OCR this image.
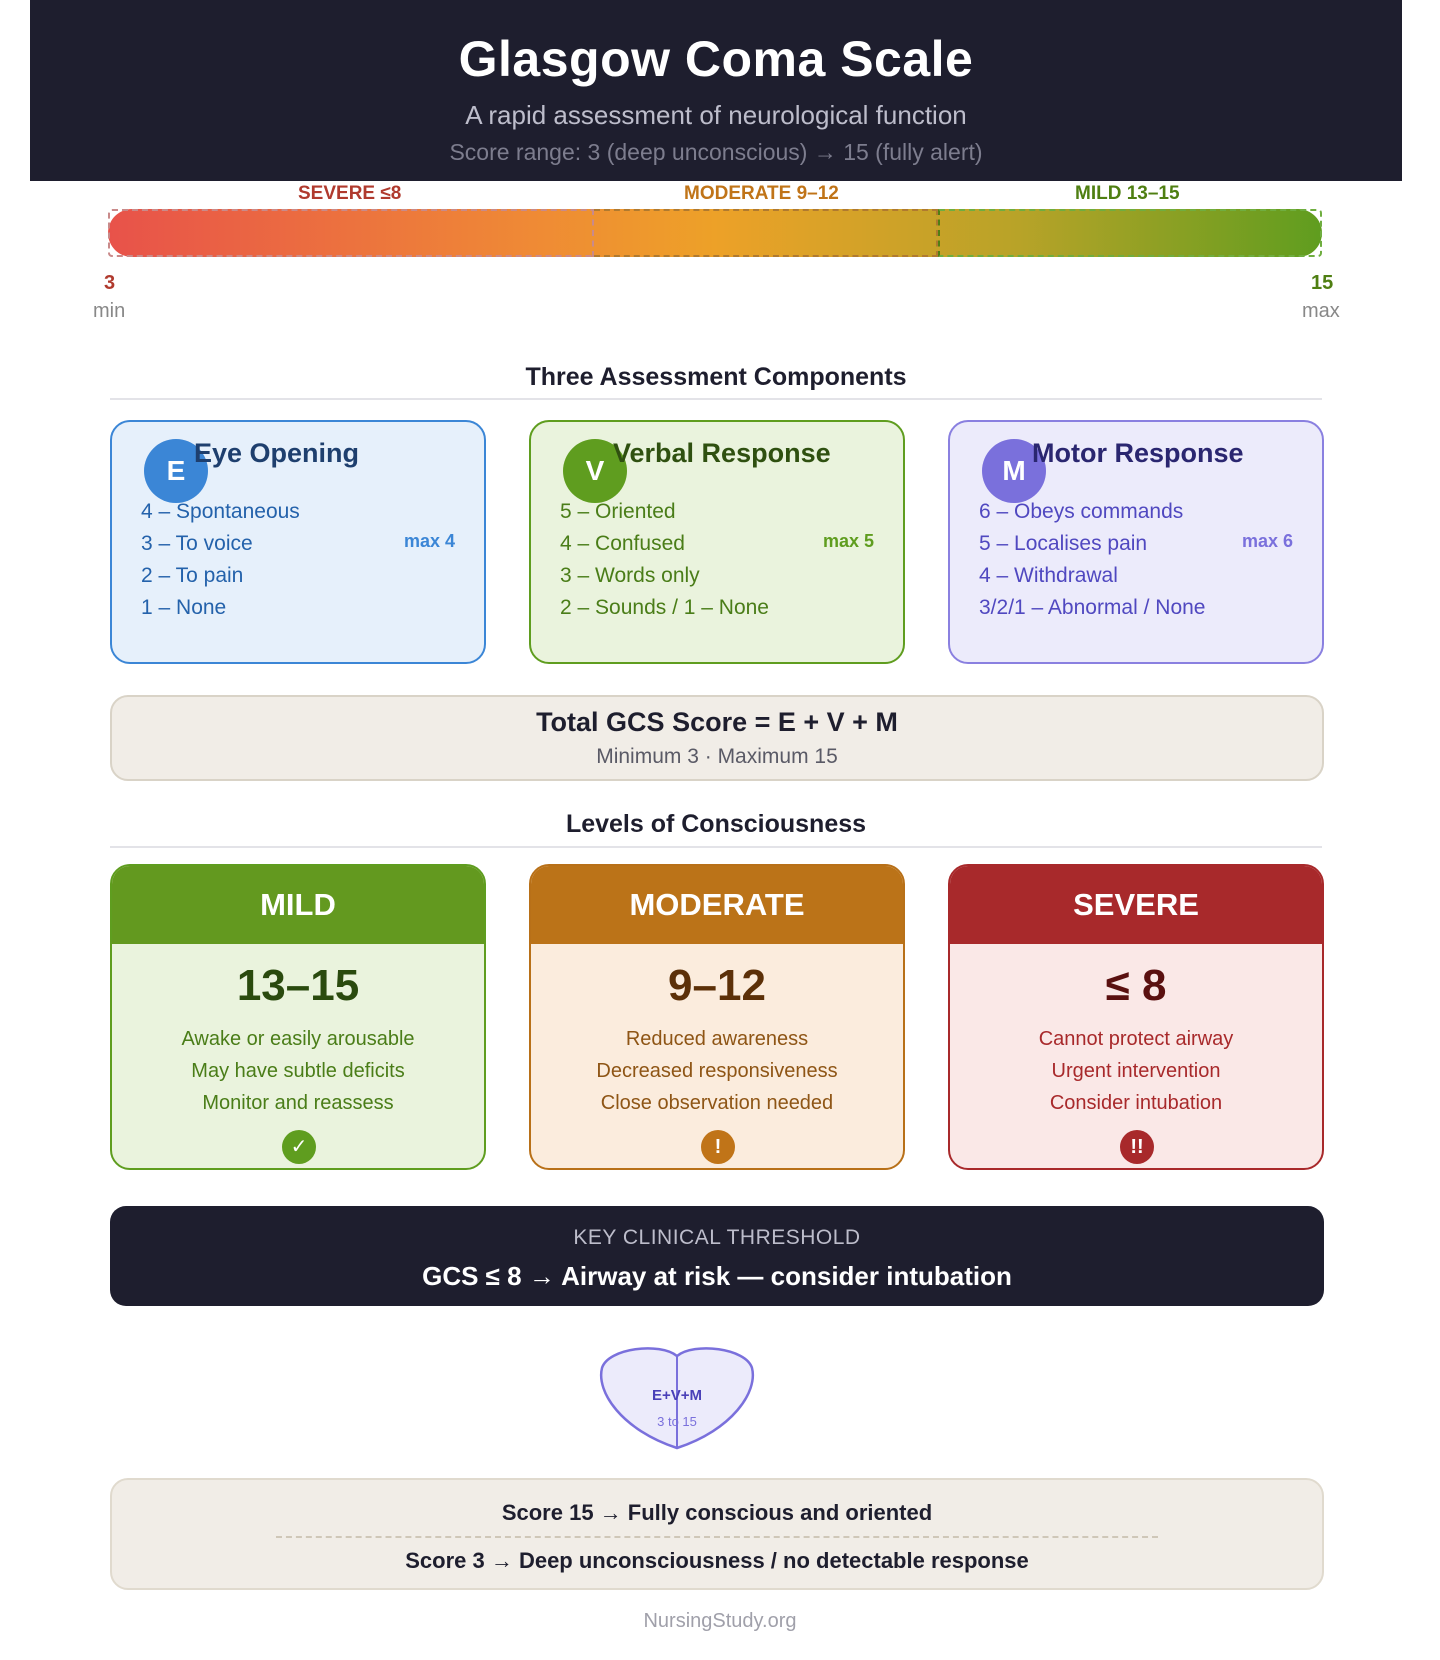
Glasgow Coma Scale
A rapid assessment of neurological function
Score range: 3 (deep unconscious) → 15 (fully alert)
SEVERE ≤8	MODERATE 9–12	MILD 13–15
3
min
15
max
Three Assessment Components
E
Eye Opening
4 – Spontaneous
3 – To voice
2 – To pain
1 – None
max 4
V
Verbal Response
5 – Oriented
4 – Confused
3 – Words only
2 – Sounds / 1 – None
max 5
M
Motor Response
6 – Obeys commands
5 – Localises pain
4 – Withdrawal
3/2/1 – Abnormal / None
max 6
Total GCS Score = E + V + M
Minimum 3 · Maximum 15
Levels of Consciousness
MILD
13–15
Awake or easily arousable
May have subtle deficits
Monitor and reassess
✓
MODERATE
9–12
Reduced awareness
Decreased responsiveness
Close observation needed
!
SEVERE
≤ 8
Cannot protect airway
Urgent intervention
Consider intubation
!!
KEY CLINICAL THRESHOLD
GCS ≤ 8 → Airway at risk — consider intubation
E+V+M
3 to 15
Score 15 → Fully conscious and oriented
Score 3 → Deep unconsciousness / no detectable response
NursingStudy.org
